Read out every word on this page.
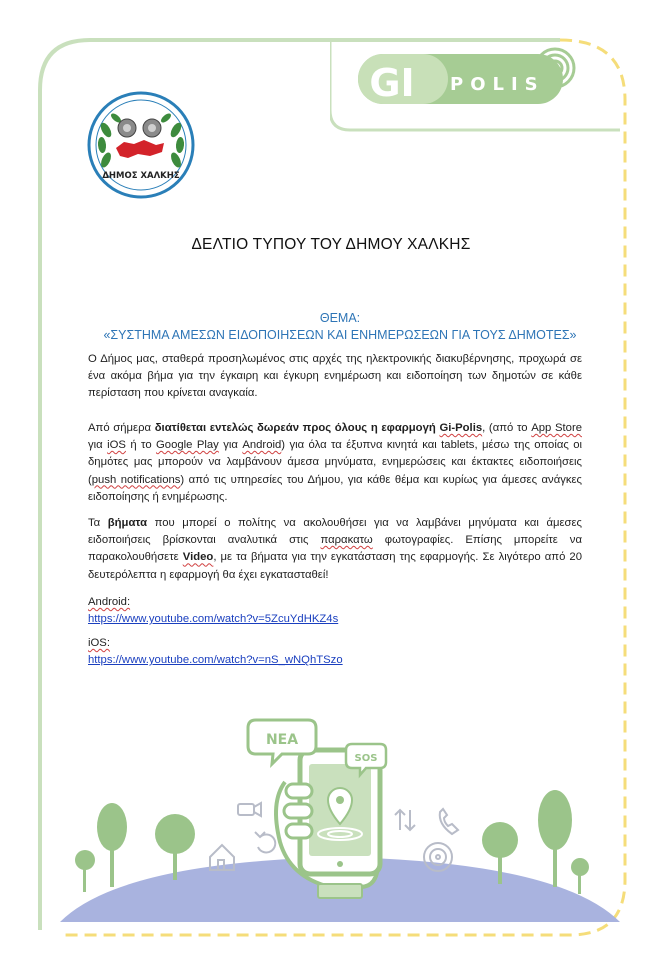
ΔΗΜΟΣ ΧΑΛΚΗΣ
GI POLIS
ΔΕΛΤΙΟ ΤΥΠΟΥ ΤΟΥ ΔΗΜΟΥ ΧΑΛΚΗΣ
ΘΕΜΑ:
«ΣΥΣΤΗΜΑ ΑΜΕΣΩΝ ΕΙΔΟΠΟΙΗΣΕΩΝ ΚΑΙ ΕΝΗΜΕΡΩΣΕΩΝ ΓΙΑ ΤΟΥΣ ΔΗΜΟΤΕΣ»
Ο Δήμος μας, σταθερά προσηλωμένος στις αρχές της ηλεκτρονικής διακυβέρνησης, προχωρά σε ένα ακόμα βήμα για την έγκαιρη και έγκυρη ενημέρωση και ειδοποίηση των δημοτών σε κάθε περίσταση που κρίνεται αναγκαία.
Από σήμερα διατίθεται εντελώς δωρεάν προς όλους η εφαρμογή Gi-Polis, (από το App Store για iOS ή το Google Play για Android) για όλα τα έξυπνα κινητά και tablets, μέσω της οποίας οι δημότες μας μπορούν να λαμβάνουν άμεσα μηνύματα, ενημερώσεις και έκτακτες ειδοποιήσεις (push notifications) από τις υπηρεσίες του Δήμου, για κάθε θέμα και κυρίως για άμεσες ανάγκες ειδοποίησης ή ενημέρωσης.
Τα βήματα που μπορεί ο πολίτης να ακολουθήσει για να λαμβάνει μηνύματα και άμεσες ειδοποιήσεις βρίσκονται αναλυτικά στις παρακατω φωτογραφίες. Επίσης μπορείτε να παρακολουθήσετε Video, με τα βήματα για την εγκατάσταση της εφαρμογής. Σε λιγότερο από 20 δευτερόλεπτα η εφαρμογή θα έχει εγκατασταθεί!
Android:
https://www.youtube.com/watch?v=5ZcuYdHKZ4s
iOS:
https://www.youtube.com/watch?v=nS_wNQhTSzo
ΝΕΑ
SOS
